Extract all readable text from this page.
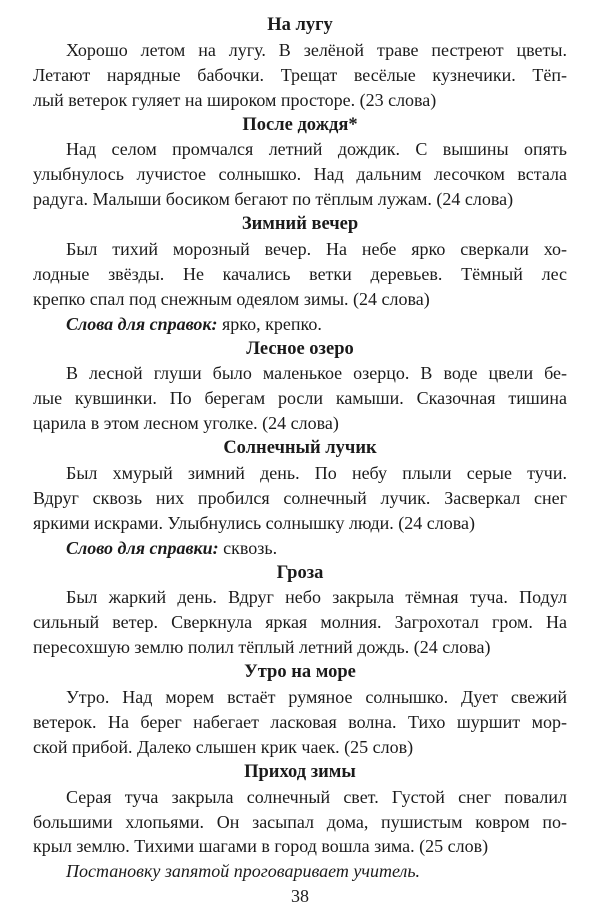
На лугу
Хорошо летом на лугу. В зелёной траве пестреют цветы.
Летают нарядные бабочки. Трещат весёлые кузнечики. Тёп-
лый ветерок гуляет на широком просторе. (23 слова)
После дождя*
Над селом промчался летний дождик. С вышины опять
улыбнулось лучистое солнышко. Над дальним лесочком встала
радуга. Малыши босиком бегают по тёплым лужам. (24 слова)
Зимний вечер
Был тихий морозный вечер. На небе ярко сверкали хо-
лодные звёзды. Не качались ветки деревьев. Тёмный лес
крепко спал под снежным одеялом зимы. (24 слова)
Слова для справок: ярко, крепко.
Лесное озеро
В лесной глуши было маленькое озерцо. В воде цвели бе-
лые кувшинки. По берегам росли камыши. Сказочная тишина
царила в этом лесном уголке. (24 слова)
Солнечный лучик
Был хмурый зимний день. По небу плыли серые тучи.
Вдруг сквозь них пробился солнечный лучик. Засверкал снег
яркими искрами. Улыбнулись солнышку люди. (24 слова)
Слово для справки: сквозь.
Гроза
Был жаркий день. Вдруг небо закрыла тёмная туча. Подул
сильный ветер. Сверкнула яркая молния. Загрохотал гром. На
пересохшую землю полил тёплый летний дождь. (24 слова)
Утро на море
Утро. Над морем встаёт румяное солнышко. Дует свежий
ветерок. На берег набегает ласковая волна. Тихо шуршит мор-
ской прибой. Далеко слышен крик чаек. (25 слов)
Приход зимы
Серая туча закрыла солнечный свет. Густой снег повалил
большими хлопьями. Он засыпал дома, пушистым ковром по-
крыл землю. Тихими шагами в город вошла зима. (25 слов)
Постановку запятой проговаривает учитель.
38
